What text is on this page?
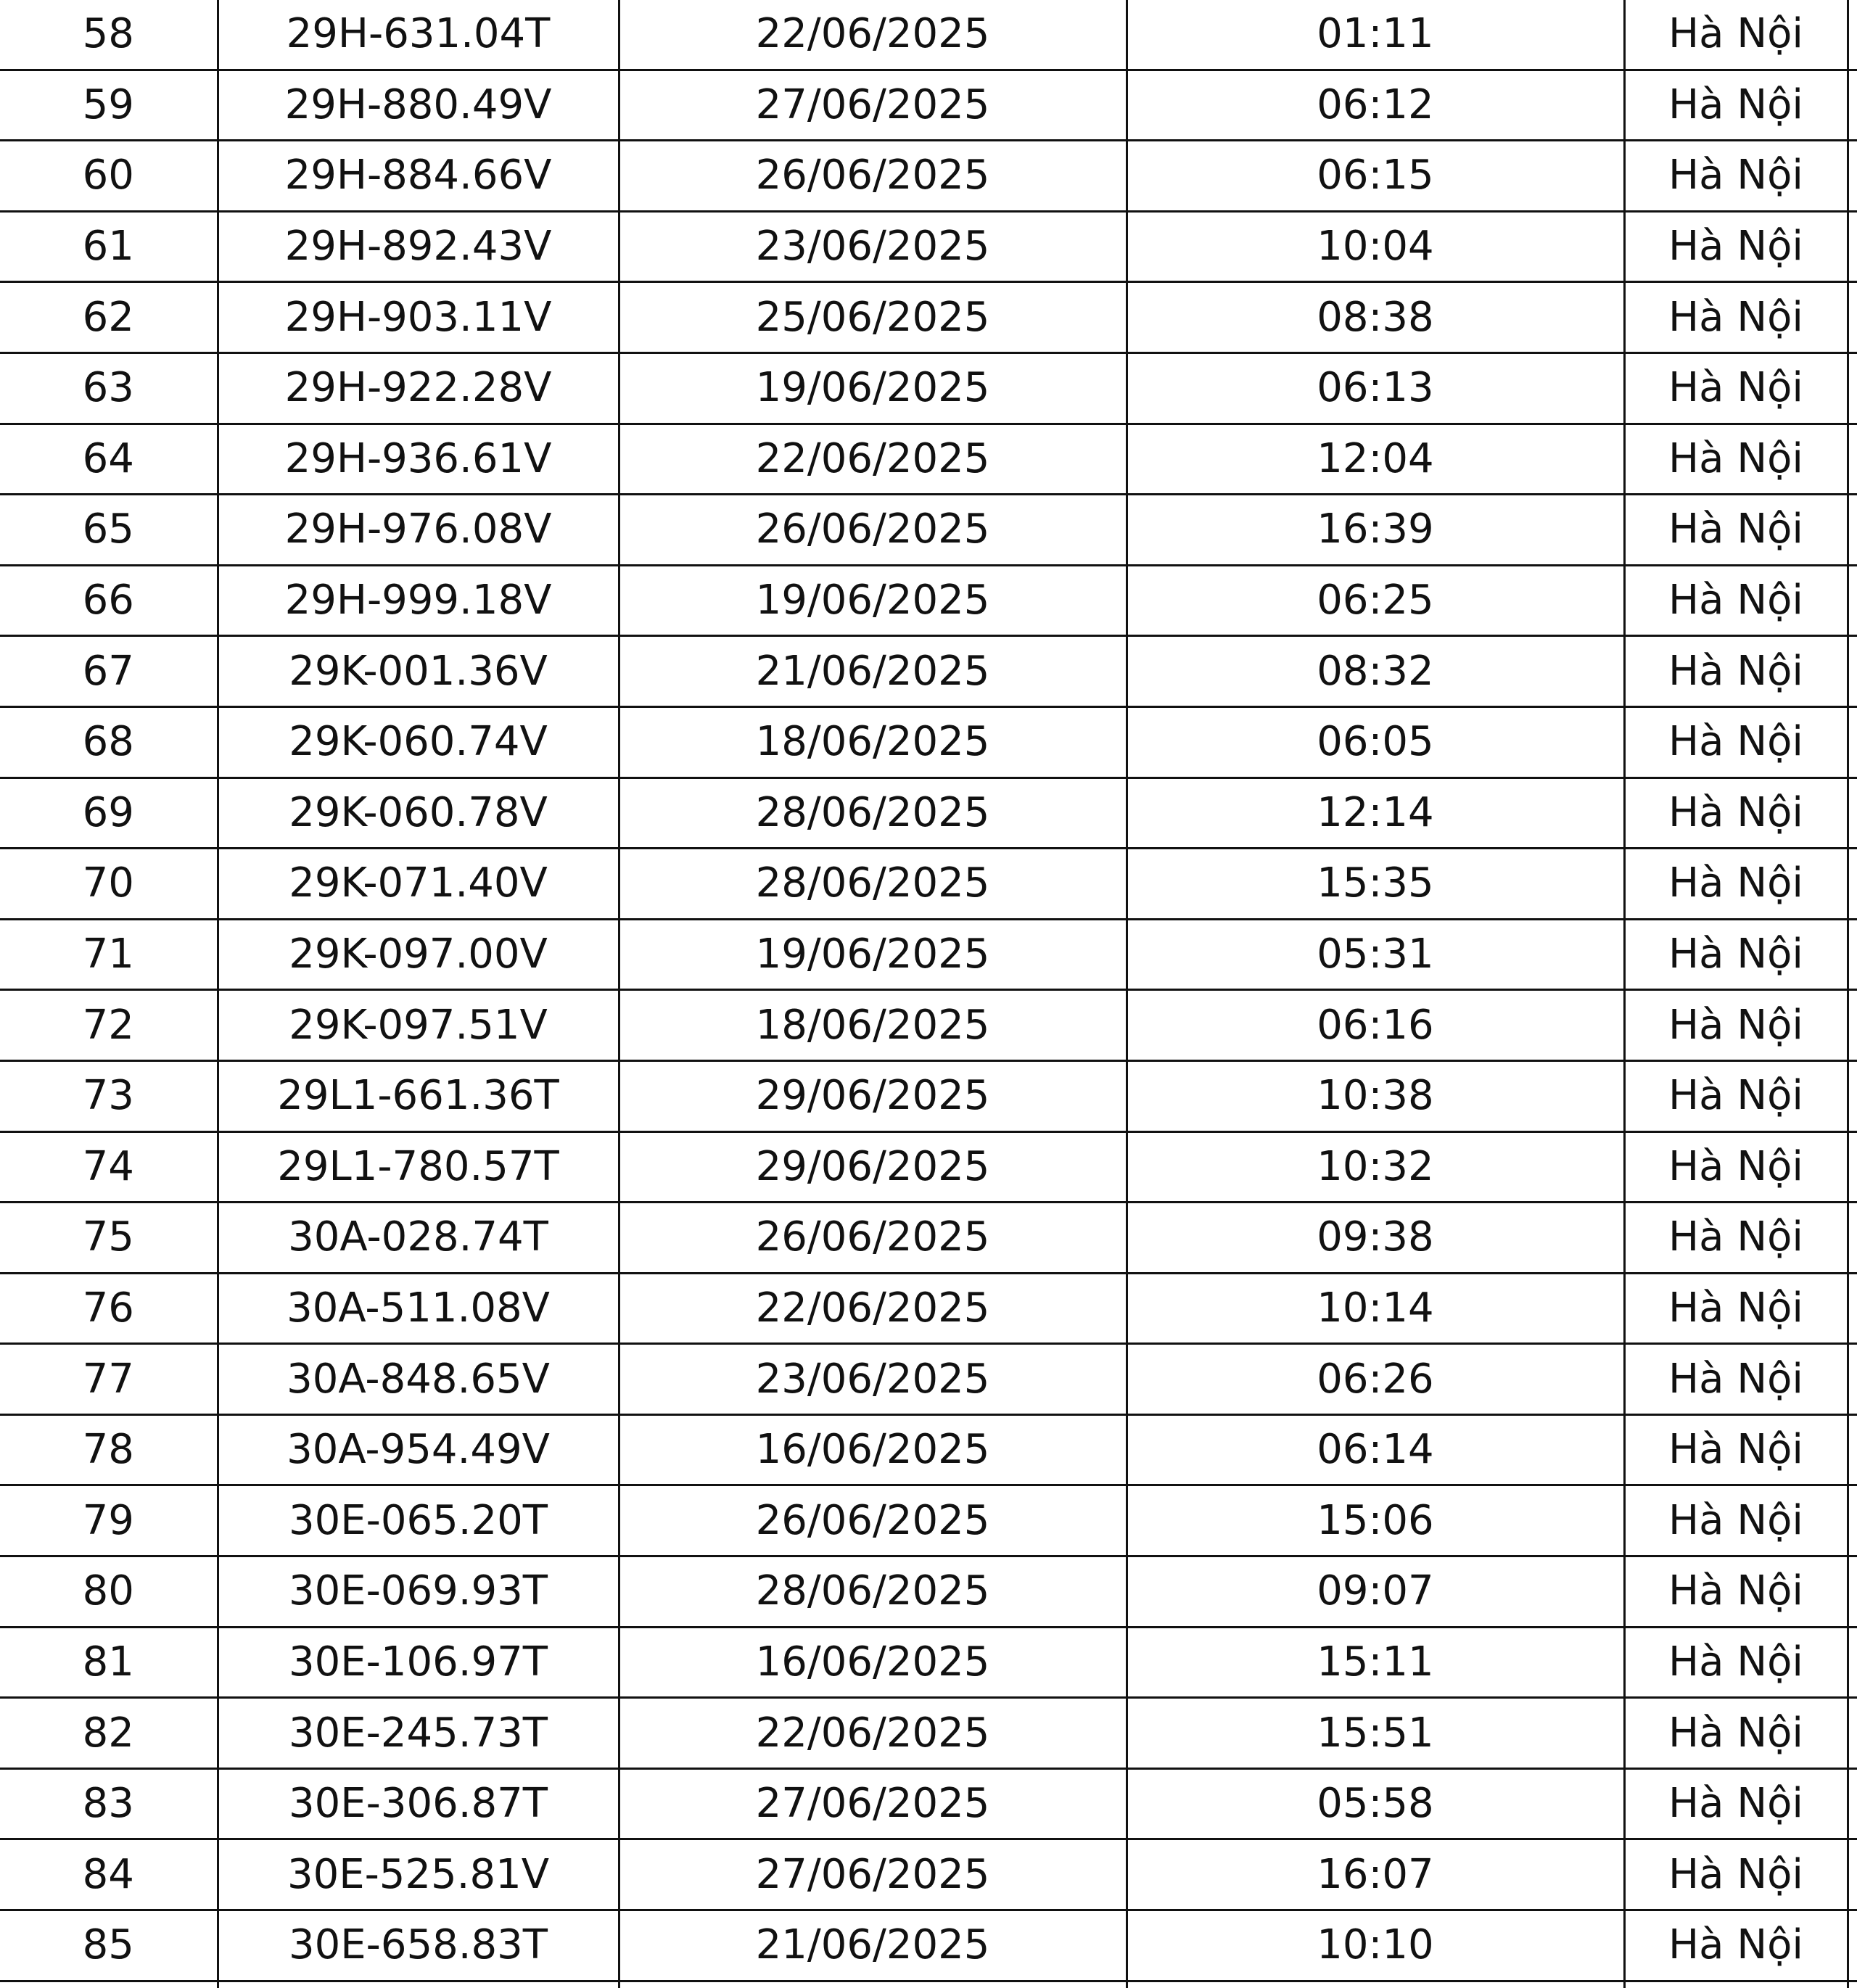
58	29H-631.04T	22/06/2025	01:11	Hà Nội	
59	29H-880.49V	27/06/2025	06:12	Hà Nội	
60	29H-884.66V	26/06/2025	06:15	Hà Nội	
61	29H-892.43V	23/06/2025	10:04	Hà Nội	
62	29H-903.11V	25/06/2025	08:38	Hà Nội	
63	29H-922.28V	19/06/2025	06:13	Hà Nội	
64	29H-936.61V	22/06/2025	12:04	Hà Nội	
65	29H-976.08V	26/06/2025	16:39	Hà Nội	
66	29H-999.18V	19/06/2025	06:25	Hà Nội	
67	29K-001.36V	21/06/2025	08:32	Hà Nội	
68	29K-060.74V	18/06/2025	06:05	Hà Nội	
69	29K-060.78V	28/06/2025	12:14	Hà Nội	
70	29K-071.40V	28/06/2025	15:35	Hà Nội	
71	29K-097.00V	19/06/2025	05:31	Hà Nội	
72	29K-097.51V	18/06/2025	06:16	Hà Nội	
73	29L1-661.36T	29/06/2025	10:38	Hà Nội	
74	29L1-780.57T	29/06/2025	10:32	Hà Nội	
75	30A-028.74T	26/06/2025	09:38	Hà Nội	
76	30A-511.08V	22/06/2025	10:14	Hà Nội	
77	30A-848.65V	23/06/2025	06:26	Hà Nội	
78	30A-954.49V	16/06/2025	06:14	Hà Nội	
79	30E-065.20T	26/06/2025	15:06	Hà Nội	
80	30E-069.93T	28/06/2025	09:07	Hà Nội	
81	30E-106.97T	16/06/2025	15:11	Hà Nội	
82	30E-245.73T	22/06/2025	15:51	Hà Nội	
83	30E-306.87T	27/06/2025	05:58	Hà Nội	
84	30E-525.81V	27/06/2025	16:07	Hà Nội	
85	30E-658.83T	21/06/2025	10:10	Hà Nội	
